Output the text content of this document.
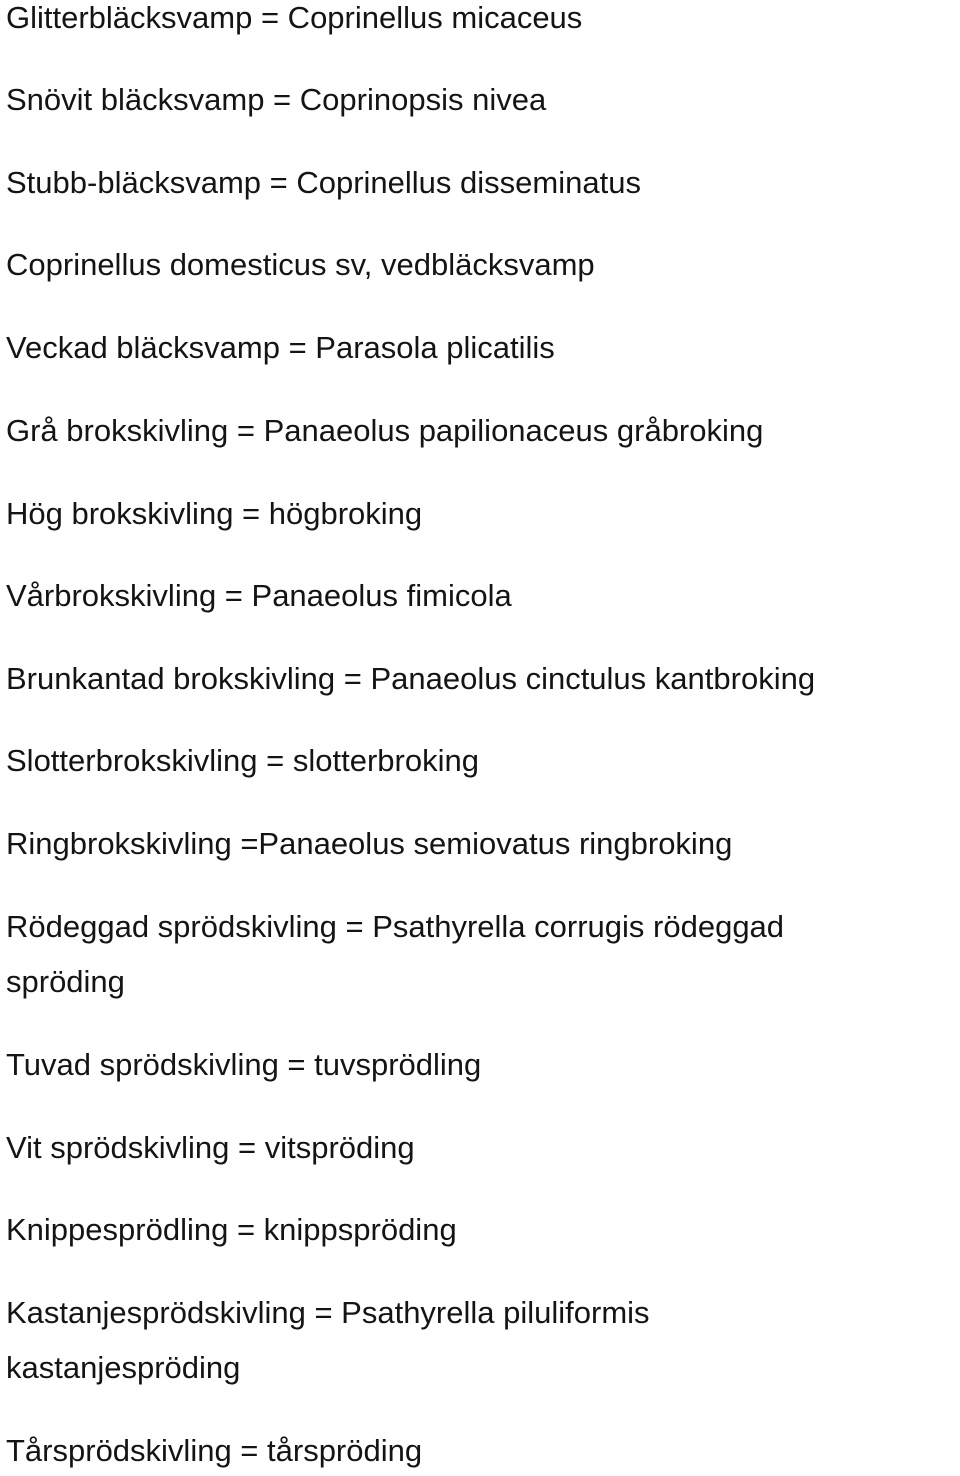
Glitterbläcksvamp = Coprinellus micaceus
Snövit bläcksvamp = Coprinopsis nivea
Stubb-bläcksvamp = Coprinellus disseminatus
Coprinellus domesticus sv, vedbläcksvamp
Veckad bläcksvamp = Parasola plicatilis
Grå brokskivling = Panaeolus papilionaceus gråbroking
Hög brokskivling = högbroking
Vårbrokskivling = Panaeolus fimicola
Brunkantad brokskivling = Panaeolus cinctulus kantbroking
Slotterbrokskivling = slotterbroking
Ringbrokskivling =Panaeolus semiovatus ringbroking
Rödeggad sprödskivling = Psathyrella corrugis rödeggad
spröding
Tuvad sprödskivling = tuvsprödling
Vit sprödskivling = vitspröding
Knippesprödling = knippspröding
Kastanjesprödskivling = Psathyrella piluliformis
kastanjespröding
Tårsprödskivling = tårspröding
